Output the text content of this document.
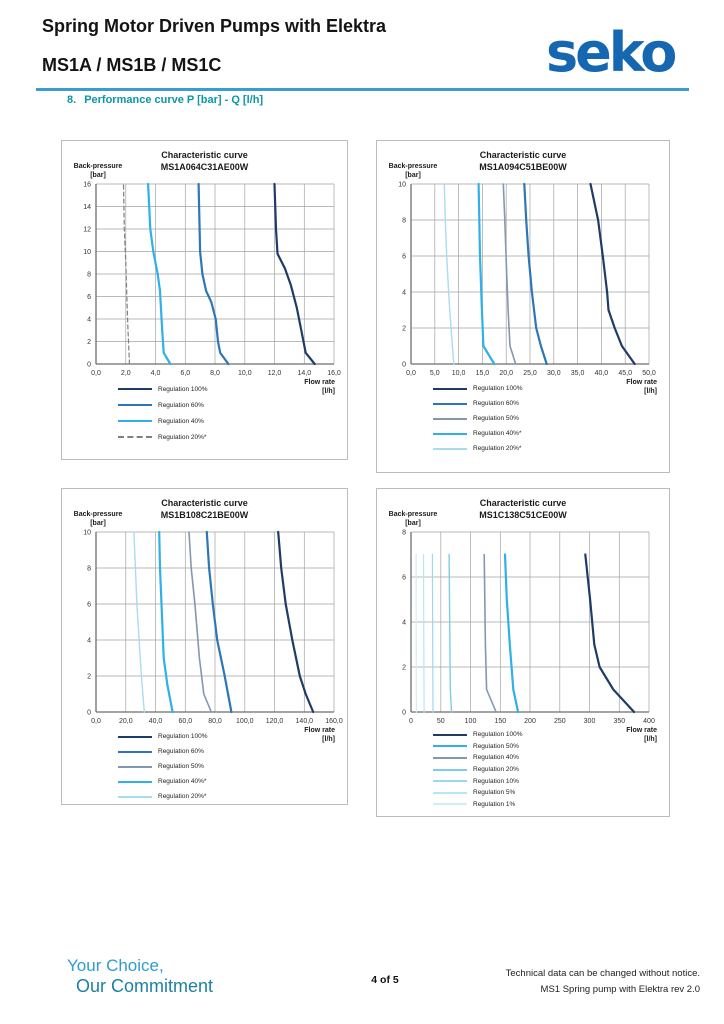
Spring Motor Driven Pumps with Elektra
MS1A / MS1B / MS1C	seko
8. Performance curve P [bar] - Q [l/h]
Characteristic curve
MS1A064C31AE00W
Back-pressure
[bar]
0
2
4
6
8
10
12
14
16
0,0	2,0	4,0	6,0	8,0	10,0 12,0 14,0 16,0
Flow rate
[l/h]
Regulation 100%
Regulation 60%
Regulation 40%
Regulation 20%*
Characteristic curve
MS1A094C51BE00W
Back-pressure
[bar]
0
2
4
6
8
10
0,0 5,0 10,0 15,0 20,0 25,0 30,0 35,0 40,0 45,0 50,0
Flow rate
[l/h]
Regulation 100%
Regulation 60%
Regulation 50%
Regulation 40%*
Regulation 20%*
Characteristic curve
MS1B108C21BE00W
Back-pressure
[bar]
0
2
4
6
8
10
0,0	20,0 40,0 60,0 80,0 100,0 120,0 140,0 160,0
Flow rate
[l/h]
Regulation 100%
Regulation 60%
Regulation 50%
Regulation 40%*
Regulation 20%*
Characteristic curve
MS1C138C51CE00W
Back-pressure
[bar]
0
2
4
6
8
0	50	100	150	200	250	300	350	400
Flow rate
[l/h]
Regulation 100%
Regulation 50%
Regulation 40%
Regulation 20%
Regulation 10%
Regulation 5%
Regulation 1%
Your Choice,
Our Commitment	4 of 5
Technical data can be changed without notice.
MS1 Spring pump with Elektra rev 2.0
